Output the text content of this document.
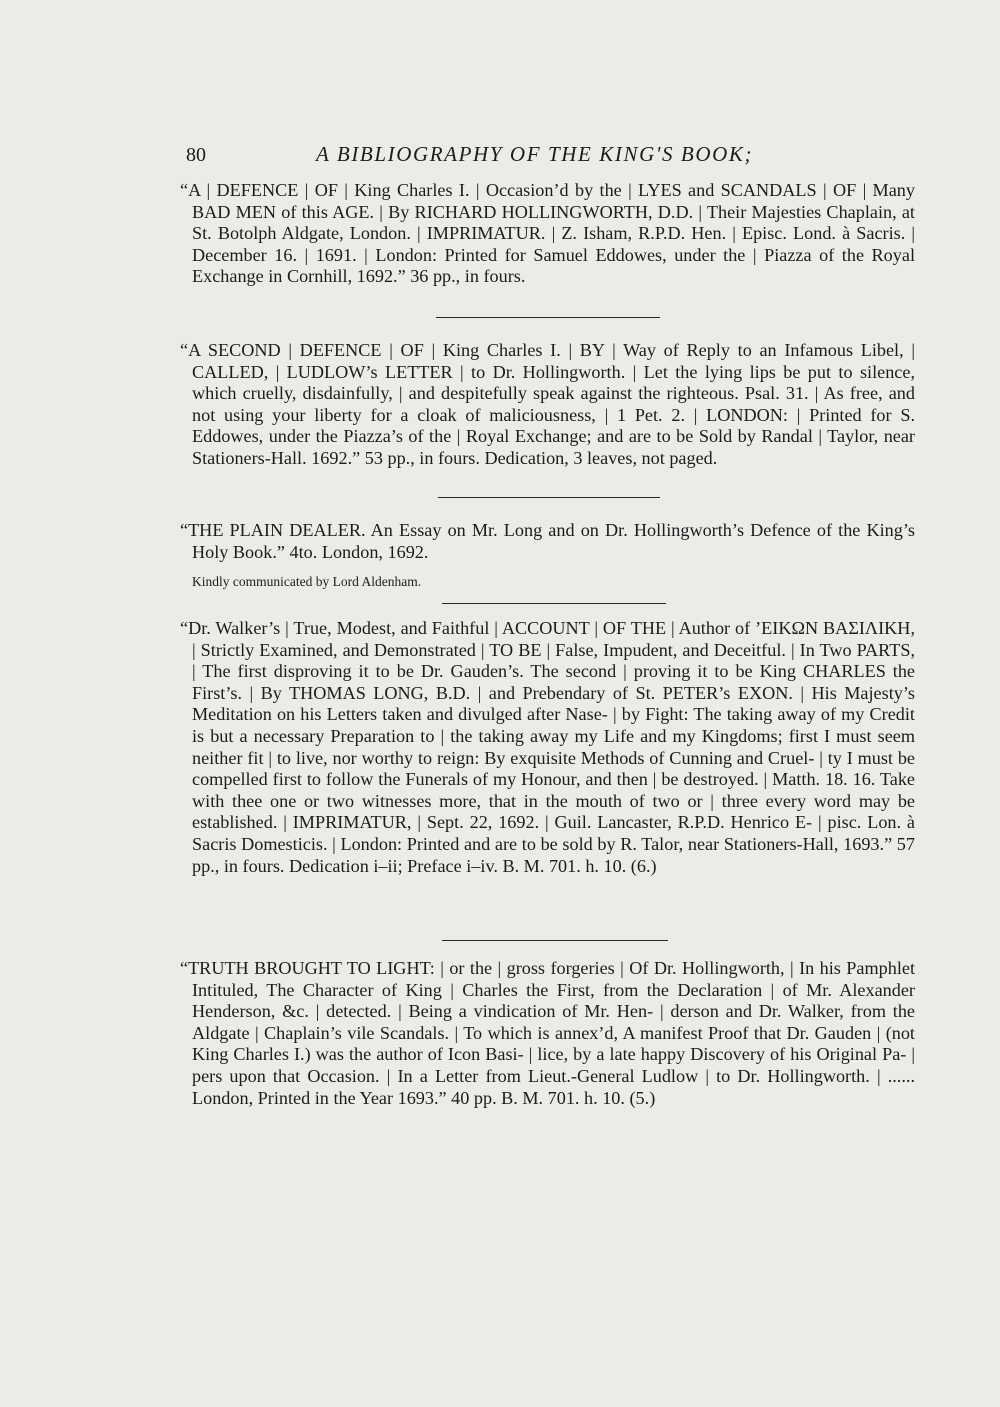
80	A BIBLIOGRAPHY OF THE KING'S BOOK;

“A | DEFENCE | OF | King Charles I. | Occasion’d by the | LYES and SCANDALS | OF | Many BAD MEN of this AGE. | By RICHARD HOLLINGWORTH, D.D. | Their Majesties Chaplain, at St. Botolph Aldgate, London. | IMPRIMATUR. | Z. Isham, R.P.D. Hen. | Episc. Lond. à Sacris. | December 16. | 1691. | London: Printed for Samuel Eddowes, under the | Piazza of the Royal Exchange in Cornhill, 1692.” 36 pp., in fours.

“A SECOND | DEFENCE | OF | King Charles I. | BY | Way of Reply to an Infamous Libel, | CALLED, | LUDLOW’s LETTER | to Dr. Hollingworth. | Let the lying lips be put to silence, which cruelly, disdainfully, | and despitefully speak against the righteous. Psal. 31. | As free, and not using your liberty for a cloak of maliciousness, | 1 Pet. 2. | LONDON: | Printed for S. Eddowes, under the Piazza’s of the | Royal Exchange; and are to be Sold by Randal | Taylor, near Stationers-Hall. 1692.” 53 pp., in fours. Dedication, 3 leaves, not paged.

“THE PLAIN DEALER. An Essay on Mr. Long and on Dr. Hollingworth’s Defence of the King’s Holy Book.” 4to. London, 1692.

Kindly communicated by Lord Aldenham.

“Dr. Walker’s | True, Modest, and Faithful | ACCOUNT | OF THE | Author of ’EIKΩN BAΣIΛIKH, | Strictly Examined, and Demonstrated | TO BE | False, Impudent, and Deceitful. | In Two PARTS, | The first disproving it to be Dr. Gauden’s. The second | proving it to be King CHARLES the First’s. | By THOMAS LONG, B.D. | and Prebendary of St. PETER’s EXON. | His Majesty’s Meditation on his Letters taken and divulged after Nase- | by Fight: The taking away of my Credit is but a necessary Preparation to | the taking away my Life and my Kingdoms; first I must seem neither fit | to live, nor worthy to reign: By exquisite Methods of Cunning and Cruel- | ty I must be compelled first to follow the Funerals of my Honour, and then | be destroyed. | Matth. 18. 16. Take with thee one or two witnesses more, that in the mouth of two or | three every word may be established. | IMPRIMATUR, | Sept. 22, 1692. | Guil. Lancaster, R.P.D. Henrico E- | pisc. Lon. à Sacris Domesticis. | London: Printed and are to be sold by R. Talor, near Stationers-Hall, 1693.” 57 pp., in fours. Dedication i–ii; Preface i–iv. B. M. 701. h. 10. (6.)

“TRUTH BROUGHT TO LIGHT: | or the | gross forgeries | Of Dr. Hollingworth, | In his Pamphlet Intituled, The Character of King | Charles the First, from the Declaration | of Mr. Alexander Henderson, &c. | detected. | Being a vindication of Mr. Hen- | derson and Dr. Walker, from the Aldgate | Chaplain’s vile Scandals. | To which is annex’d, A manifest Proof that Dr. Gauden | (not King Charles I.) was the author of Icon Basi- | lice, by a late happy Discovery of his Original Pa- | pers upon that Occasion. | In a Letter from Lieut.-General Ludlow | to Dr. Hollingworth. | ...... London, Printed in the Year 1693.” 40 pp. B. M. 701. h. 10. (5.)
